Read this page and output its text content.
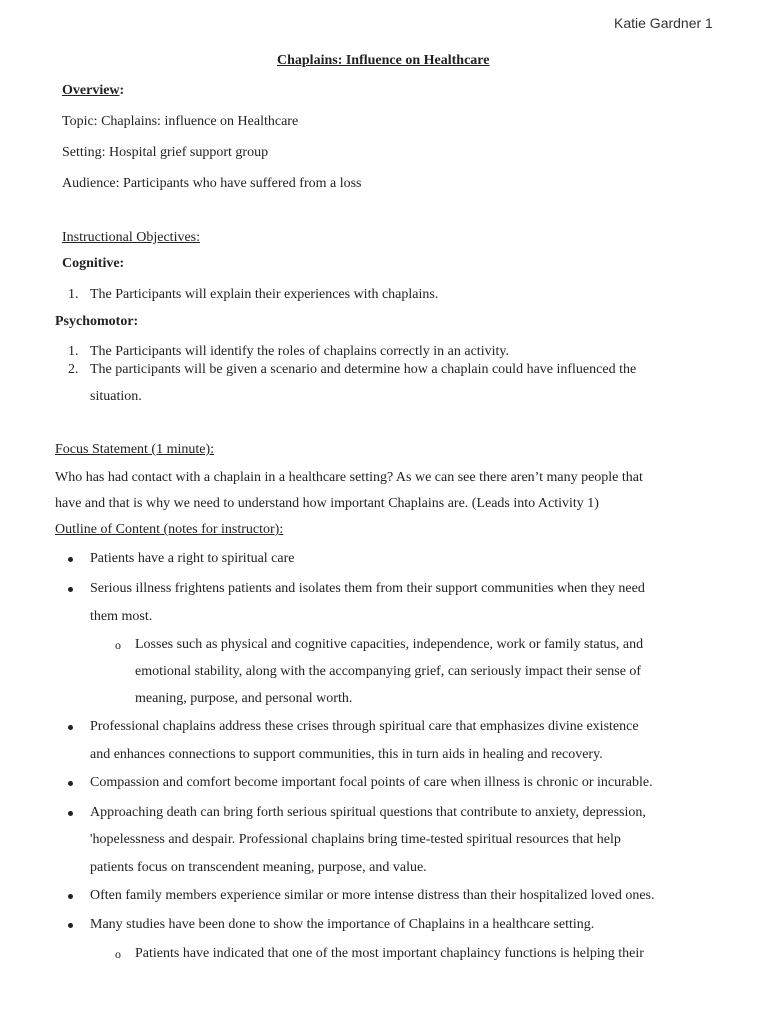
Katie Gardner 1
Chaplains: Influence on Healthcare
Overview:
Topic: Chaplains: influence on Healthcare
Setting: Hospital grief support group
Audience: Participants who have suffered from a loss
Instructional Objectives:
Cognitive:
1. The Participants will explain their experiences with chaplains.
Psychomotor:
1. The Participants will identify the roles of chaplains correctly in an activity.
2. The participants will be given a scenario and determine how a chaplain could have influenced the
situation.
Focus Statement (1 minute):
Who has had contact with a chaplain in a healthcare setting? As we can see there aren’t many people that
have and that is why we need to understand how important Chaplains are. (Leads into Activity 1)
Outline of Content (notes for instructor):
Patients have a right to spiritual care
Serious illness frightens patients and isolates them from their support communities when they need
them most.
o Losses such as physical and cognitive capacities, independence, work or family status, and
emotional stability, along with the accompanying grief, can seriously impact their sense of
meaning, purpose, and personal worth.
Professional chaplains address these crises through spiritual care that emphasizes divine existence
and enhances connections to support communities, this in turn aids in healing and recovery.
Compassion and comfort become important focal points of care when illness is chronic or incurable.
Approaching death can bring forth serious spiritual questions that contribute to anxiety, depression,
'hopelessness and despair. Professional chaplains bring time-tested spiritual resources that help
patients focus on transcendent meaning, purpose, and value.
Often family members experience similar or more intense distress than their hospitalized loved ones.
Many studies have been done to show the importance of Chaplains in a healthcare setting.
o Patients have indicated that one of the most important chaplaincy functions is helping their
